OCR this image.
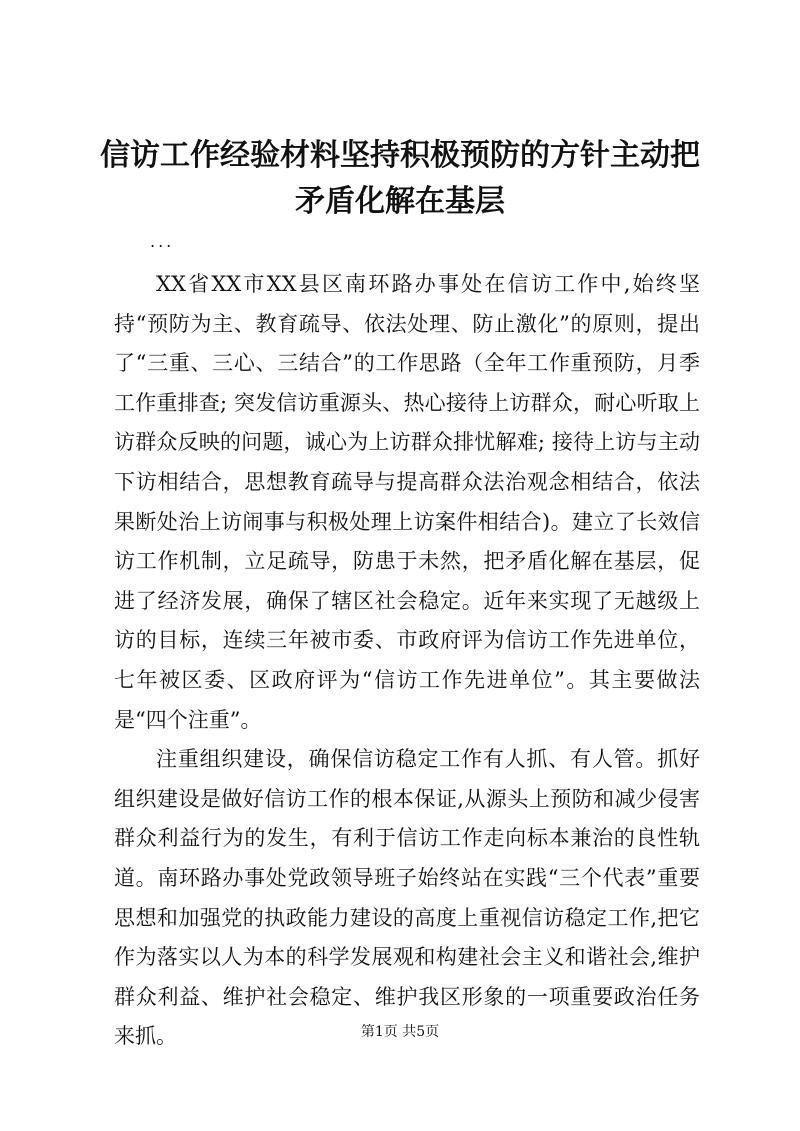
信访工作经验材料坚持积极预防的方针主动把
矛盾化解在基层
...

XX省XX市XX县区南环路办事处在信访工作中,始终坚持“预防为主、教育疏导、依法处理、防止激化”的原则，提出了“三重、三心、三结合”的工作思路（全年工作重预防，月季工作重排查; 突发信访重源头、热心接待上访群众，耐心听取上访群众反映的问题，诚心为上访群众排忧解难; 接待上访与主动下访相结合，思想教育疏导与提高群众法治观念相结合，依法果断处治上访闹事与积极处理上访案件相结合)。建立了长效信访工作机制，立足疏导，防患于未然，把矛盾化解在基层，促进了经济发展，确保了辖区社会稳定。近年来实现了无越级上访的目标，连续三年被市委、市政府评为信访工作先进单位，七年被区委、区政府评为“信访工作先进单位”。其主要做法是“四个注重”。

注重组织建设，确保信访稳定工作有人抓、有人管。抓好组织建设是做好信访工作的根本保证,从源头上预防和减少侵害群众利益行为的发生，有利于信访工作走向标本兼治的良性轨道。南环路办事处党政领导班子始终站在实践“三个代表”重要思想和加强党的执政能力建设的高度上重视信访稳定工作,把它作为落实以人为本的科学发展观和构建社会主义和谐社会,维护群众利益、维护社会稳定、维护我区形象的一项重要政治任务来抓。	第1页 共5页
